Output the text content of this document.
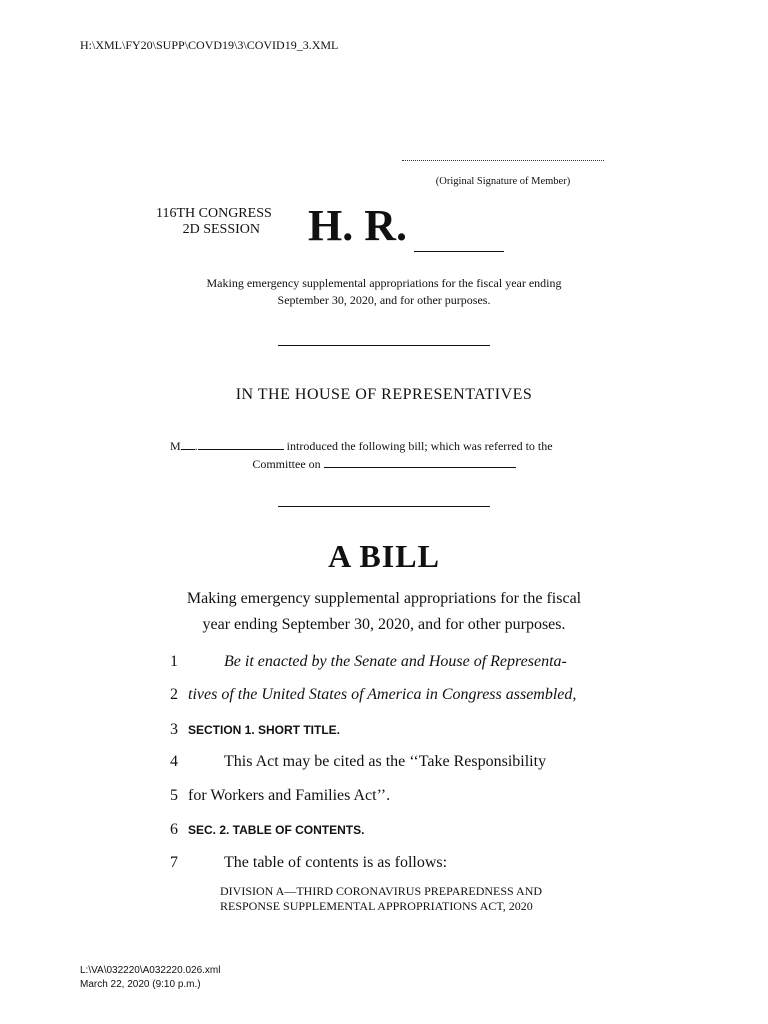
H:\XML\FY20\SUPP\COVD19\3\COVID19_3.XML
(Original Signature of Member)
116TH CONGRESS
2D SESSION H. R.
Making emergency supplemental appropriations for the fiscal year ending
September 30, 2020, and for other purposes.
IN THE HOUSE OF REPRESENTATIVES
M .	introduced the following bill; which was referred to the
Committee on
A BILL
Making emergency supplemental appropriations for the fiscal
year ending September 30, 2020, and for other purposes.
1	Be it enacted by the Senate and House of Representa-
2 tives of the United States of America in Congress assembled,
3 SECTION 1. SHORT TITLE.
4	This Act may be cited as the ‘‘Take Responsibility
5 for Workers and Families Act’’.
6 SEC. 2. TABLE OF CONTENTS.
7	The table of contents is as follows:
DIVISION A—THIRD CORONAVIRUS PREPAREDNESS AND
RESPONSE SUPPLEMENTAL APPROPRIATIONS ACT, 2020
L:\VA\032220\A032220.026.xml
March 22, 2020 (9:10 p.m.)
